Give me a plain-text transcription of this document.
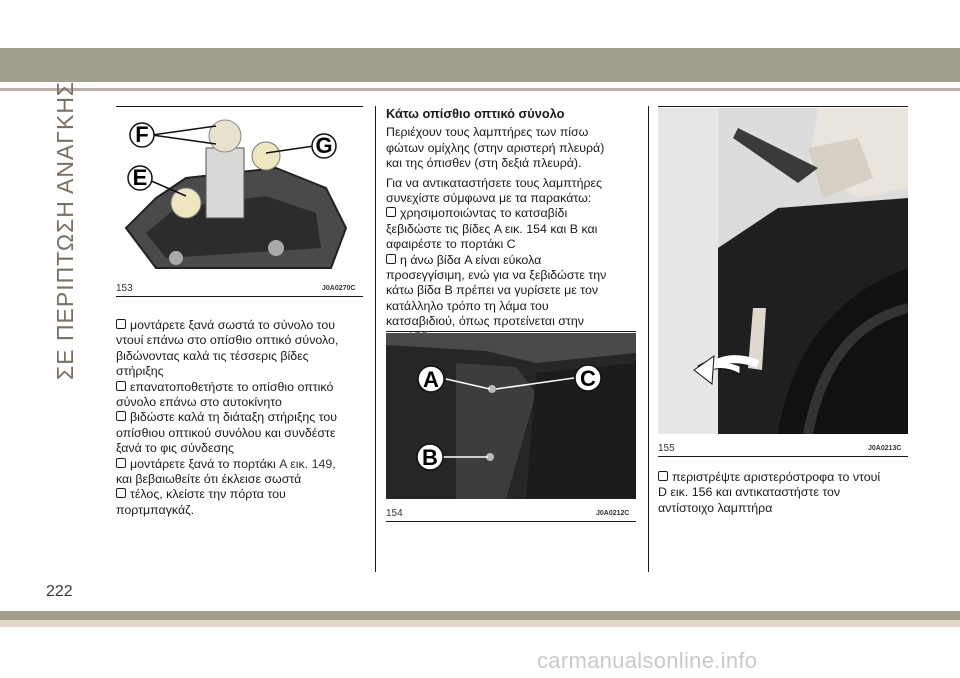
ΣΕ ΠΕΡΙΠΤΩΣΗ ΑΝΑΓΚΗΣ
222
F	G
E
153	J0A0270C

μοντάρετε ξανά σωστά το σύνολο του

ντουί επάνω στο οπίσθιο οπτικό σύνολο,

βιδώνοντας καλά τις τέσσερις βίδες

στήριξης

επανατοποθετήστε το οπίσθιο οπτικό

σύνολο επάνω στο αυτοκίνητο

βιδώστε καλά τη διάταξη στήριξης του

οπίσθιου οπτικού συνόλου και συνδέστε

ξανά το φις σύνδεσης

μοντάρετε ξανά το πορτάκι A εικ. 149,

και βεβαιωθείτε ότι έκλεισε σωστά

τέλος, κλείστε την πόρτα του

πορτμπαγκάζ.

Κάτω οπίσθιο οπτικό σύνολο

Περιέχουν τους λαμπτήρες των πίσω

φώτων ομίχλης (στην αριστερή πλευρά)

και της όπισθεν (στη δεξιά πλευρά).

Για να αντικαταστήσετε τους λαμπτήρες

συνεχίστε σύμφωνα με τα παρακάτω:

χρησιμοποιώντας το κατσαβίδι

ξεβιδώστε τις βίδες A εικ. 154 και B και

αφαιρέστε το πορτάκι C

η άνω βίδα A είναι εύκολα

προσεγγίσιμη, ενώ για να ξεβιδώστε την

κάτω βίδα B πρέπει να γυρίσετε με τον

κατάλληλο τρόπο τη λάμα του

κατσαβιδιού, όπως προτείνεται στην

A	C
B
154	J0A0212C
155	J0A0213C

περιστρέψτε αριστερόστροφα το ντουί

D εικ. 156 και αντικαταστήστε τον

αντίστοιχο λαμπτήρα

carmanualsonline.info
